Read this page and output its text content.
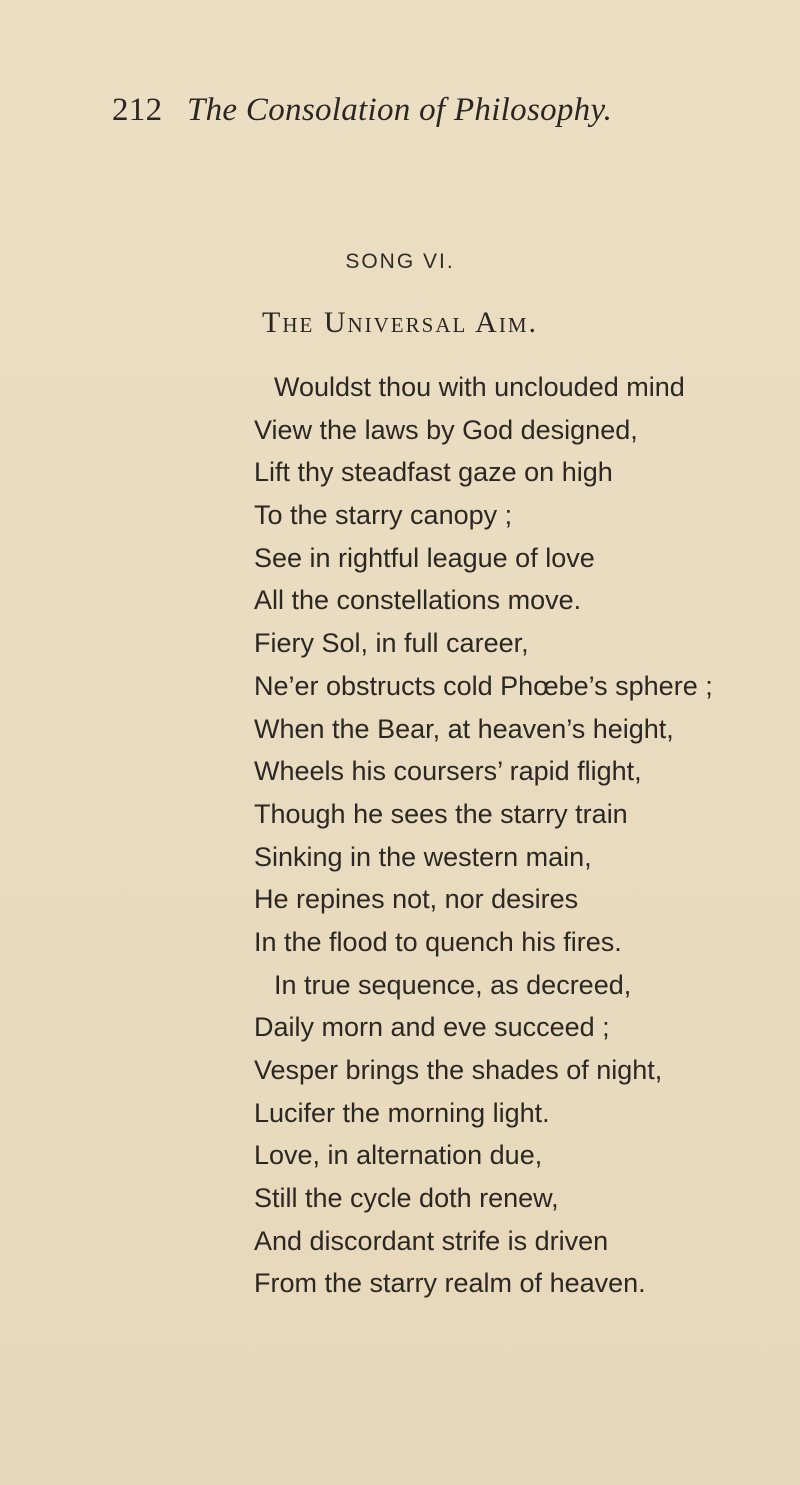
212 The Consolation of Philosophy.
SONG VI.
The Universal Aim.
Wouldst thou with unclouded mind
View the laws by God designed,
Lift thy steadfast gaze on high
To the starry canopy ;
See in rightful league of love
All the constellations move.
Fiery Sol, in full career,
Ne’er obstructs cold Phœbe’s sphere ;
When the Bear, at heaven’s height,
Wheels his coursers’ rapid flight,
Though he sees the starry train
Sinking in the western main,
He repines not, nor desires
In the flood to quench his fires.
In true sequence, as decreed,
Daily morn and eve succeed ;
Vesper brings the shades of night,
Lucifer the morning light.
Love, in alternation due,
Still the cycle doth renew,
And discordant strife is driven
From the starry realm of heaven.
